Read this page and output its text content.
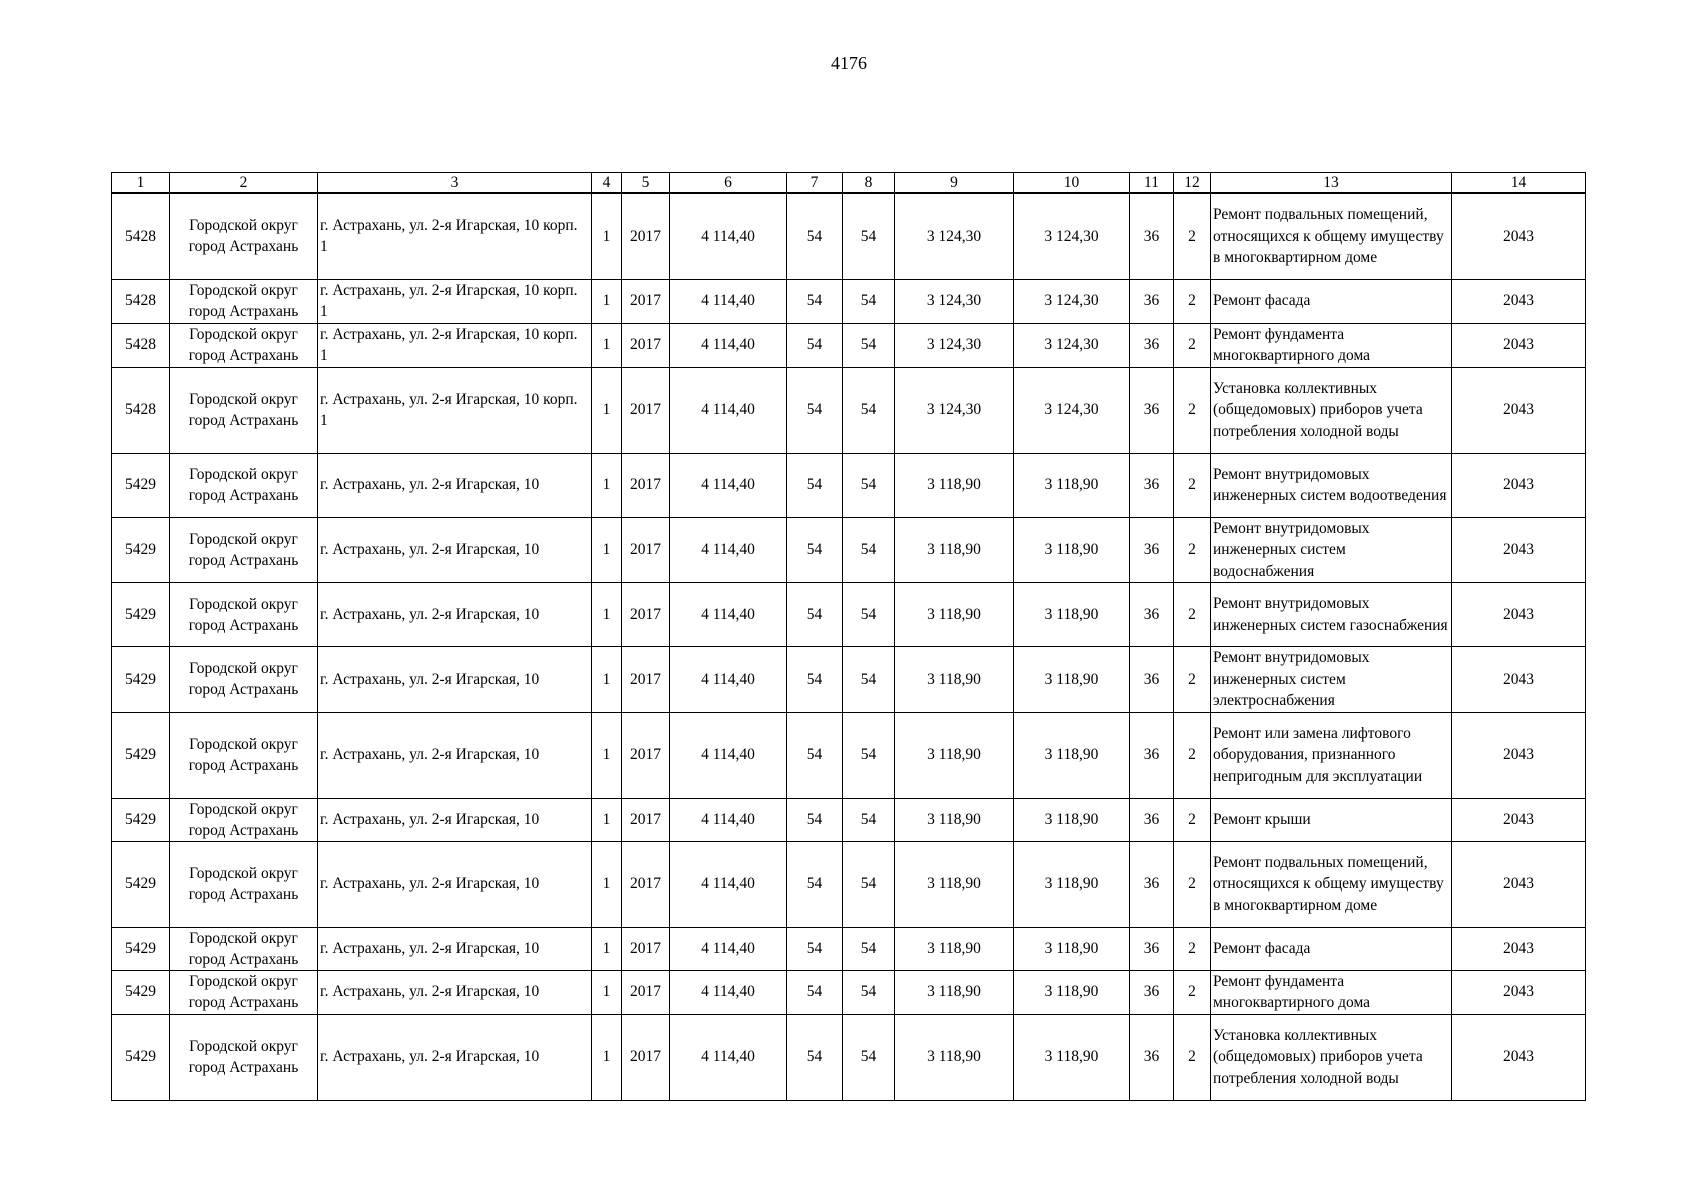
4176
1	2	3	4	5	6	7	8	9	10	11	12	13	14
5428	Городской округ город Астрахань	г. Астрахань, ул. 2-я Игарская, 10 корп. 1	1	2017	4 114,40	54	54	3 124,30	3 124,30	36	2	Ремонт подвальных помещений, относящихся к общему имуществу в многоквартирном доме	2043
5428	Городской округ город Астрахань	г. Астрахань, ул. 2-я Игарская, 10 корп. 1	1	2017	4 114,40	54	54	3 124,30	3 124,30	36	2	Ремонт фасада	2043
5428	Городской округ город Астрахань	г. Астрахань, ул. 2-я Игарская, 10 корп. 1	1	2017	4 114,40	54	54	3 124,30	3 124,30	36	2	Ремонт фундамента многоквартирного дома	2043
5428	Городской округ город Астрахань	г. Астрахань, ул. 2-я Игарская, 10 корп. 1	1	2017	4 114,40	54	54	3 124,30	3 124,30	36	2	Установка коллективных (общедомовых) приборов учета потребления холодной воды	2043
5429	Городской округ город Астрахань	г. Астрахань, ул. 2-я Игарская, 10	1	2017	4 114,40	54	54	3 118,90	3 118,90	36	2	Ремонт внутридомовых инженерных систем водоотведения	2043
5429	Городской округ город Астрахань	г. Астрахань, ул. 2-я Игарская, 10	1	2017	4 114,40	54	54	3 118,90	3 118,90	36	2	Ремонт внутридомовых инженерных систем водоснабжения	2043
5429	Городской округ город Астрахань	г. Астрахань, ул. 2-я Игарская, 10	1	2017	4 114,40	54	54	3 118,90	3 118,90	36	2	Ремонт внутридомовых инженерных систем газоснабжения	2043
5429	Городской округ город Астрахань	г. Астрахань, ул. 2-я Игарская, 10	1	2017	4 114,40	54	54	3 118,90	3 118,90	36	2	Ремонт внутридомовых инженерных систем электроснабжения	2043
5429	Городской округ город Астрахань	г. Астрахань, ул. 2-я Игарская, 10	1	2017	4 114,40	54	54	3 118,90	3 118,90	36	2	Ремонт или замена лифтового оборудования, признанного непригодным для эксплуатации	2043
5429	Городской округ город Астрахань	г. Астрахань, ул. 2-я Игарская, 10	1	2017	4 114,40	54	54	3 118,90	3 118,90	36	2	Ремонт крыши	2043
5429	Городской округ город Астрахань	г. Астрахань, ул. 2-я Игарская, 10	1	2017	4 114,40	54	54	3 118,90	3 118,90	36	2	Ремонт подвальных помещений, относящихся к общему имуществу в многоквартирном доме	2043
5429	Городской округ город Астрахань	г. Астрахань, ул. 2-я Игарская, 10	1	2017	4 114,40	54	54	3 118,90	3 118,90	36	2	Ремонт фасада	2043
5429	Городской округ город Астрахань	г. Астрахань, ул. 2-я Игарская, 10	1	2017	4 114,40	54	54	3 118,90	3 118,90	36	2	Ремонт фундамента многоквартирного дома	2043
5429	Городской округ город Астрахань	г. Астрахань, ул. 2-я Игарская, 10	1	2017	4 114,40	54	54	3 118,90	3 118,90	36	2	Установка коллективных (общедомовых) приборов учета потребления холодной воды	2043
